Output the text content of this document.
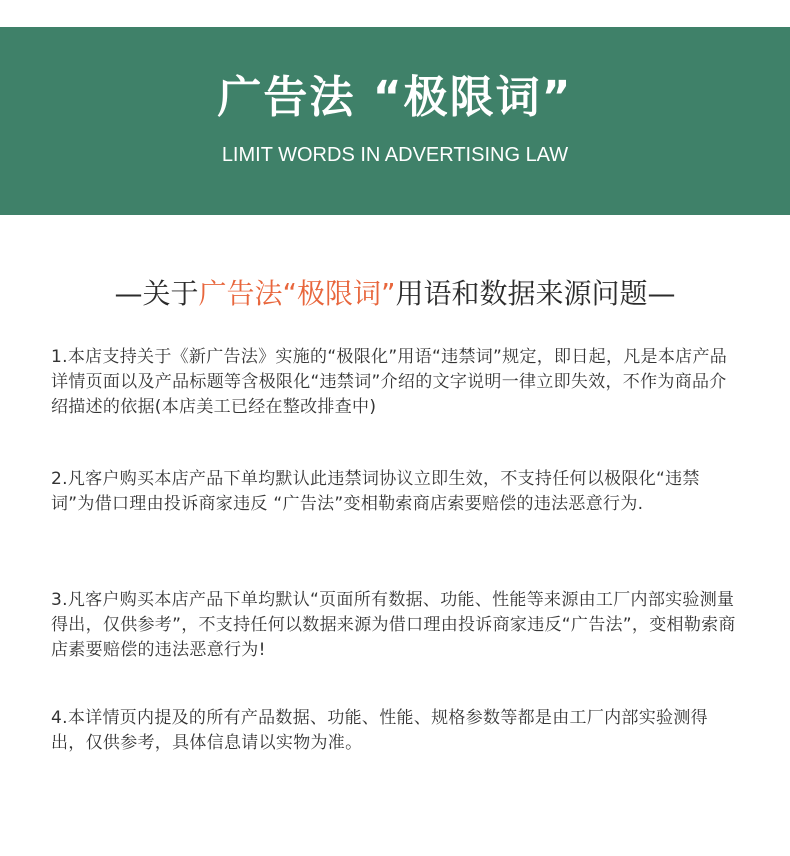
广告法 “极限词”
LIMIT WORDS IN ADVERTISING LAW
—关于广告法“极限词”用语和数据来源问题—

1.本店支持关于《新广告法》实施的“极限化”用语“违禁词”规定，即日起，凡是本店产品详情页面以及产品标题等含极限化“违禁词”介绍的文字说明一律立即失效，不作为商品介绍描述的依据(本店美工已经在整改排查中)

2.凡客户购买本店产品下单均默认此违禁词协议立即生效，不支持任何以极限化“违禁词”为借口理由投诉商家违反 “广告法”变相勒索商店索要赔偿的违法恶意行为.

3.凡客户购买本店产品下单均默认“页面所有数据、功能、性能等来源由工厂内部实验测量得出，仅供参考”，不支持任何以数据来源为借口理由投诉商家违反“广告法”，变相勒索商店素要赔偿的违法恶意行为!

4.本详情页内提及的所有产品数据、功能、性能、规格参数等都是由工厂内部实验测得出，仅供参考，具体信息请以实物为准。
